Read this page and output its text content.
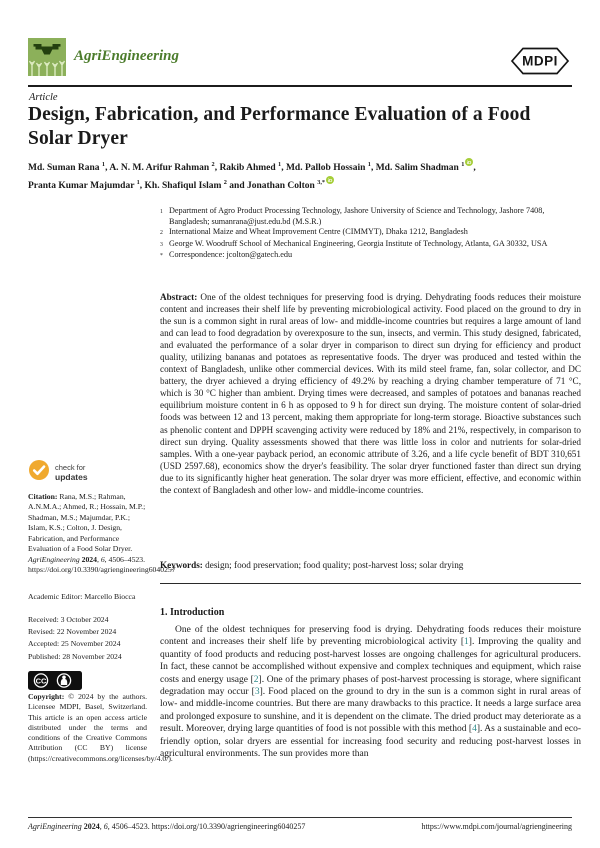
AgriEngineering	MDPI
Article
Design, Fabrication, and Performance Evaluation of a Food Solar Dryer
Md. Suman Rana $^1$, A. N. M. Arifur Rahman $^2$, Rakib Ahmed $^1$, Md. Pallob Hossain $^1$, Md. Salim Shadman $^1$ iD
,
Pranta Kumar Majumdar $^1$, Kh. Shafiqul Islam $^2$ and Jonathan Colton $^{3,*}$ iD
1 Department of Agro Product Processing Technology, Jashore University of Science and Technology, Jashore 7408, Bangladesh; sumanrana@just.edu.bd (M.S.R.)
2 International Maize and Wheat Improvement Centre (CIMMYT), Dhaka 1212, Bangladesh
3 George W. Woodruff School of Mechanical Engineering, Georgia Institute of Technology, Atlanta, GA 30332, USA
* Correspondence: jcolton@gatech.edu

Abstract: One of the oldest techniques for preserving food is drying. Dehydrating foods reduces their moisture content and increases their shelf life by preventing microbiological activity. Food placed on the ground to dry in the sun is a common sight in rural areas of low- and middle-income countries but requires a large amount of land and can lead to food degradation by overexposure to the sun, insects, and vermin. This study designed, fabricated, and evaluated the performance of a solar dryer in comparison to direct sun drying for efficiency and product quality, utilizing bananas and potatoes as representative foods. The dryer was produced and tested within the context of Bangladesh, unlike other commercial devices. With its mild steel frame, fan, solar collector, and DC battery, the dryer achieved a drying efficiency of 49.2% by reaching a drying chamber temperature of 71 °C, which is 30 °C higher than ambient. Drying times were decreased, and samples of potatoes and bananas reached equilibrium moisture content in 6 h as opposed to 9 h for direct sun drying. The moisture content of solar-dried foods was between 12 and 13 percent, making them appropriate for long-term storage. Bioactive substances such as phenolic content and DPPH scavenging activity were reduced by 18% and 21%, respectively, in comparison to direct sun drying. Quality assessments showed that there was little loss in color and nutrients for solar-dried samples. With a one-year payback period, an economic attribute of 3.26, and a life cycle benefit of BDT 310,651 (USD 2597.68), economics show the dryer's feasibility. The solar dryer functioned faster than direct sun drying due to its significantly higher heat generation. The solar dryer was more efficient, effective, and economic within the context of Bangladesh and other low- and middle-income countries.

Keywords: design; food preservation; food quality; post-harvest loss; solar drying

check for
updates
Citation: Rana, M.S.; Rahman, A.N.M.A.; Ahmed, R.; Hossain, M.P.; Shadman, M.S.; Majumdar, P.K.; Islam, K.S.; Colton, J. Design, Fabrication, and Performance Evaluation of a Food Solar Dryer. AgriEngineering 2024, 6, 4506–4523. https://doi.org/10.3390/agriengineering6040257
Academic Editor: Marcello Biocca
Received: 3 October 2024
Revised: 22 November 2024
Accepted: 25 November 2024
Published: 28 November 2024
CC
Copyright: © 2024 by the authors. Licensee MDPI, Basel, Switzerland. This article is an open access article distributed under the terms and conditions of the Creative Commons Attribution (CC BY) license (https://creativecommons.org/licenses/by/4.0/).
1. Introduction

One of the oldest techniques for preserving food is drying. Dehydrating foods reduces their moisture content and increases their shelf life by preventing microbiological activity [1]. Improving the quality and quantity of food products and reducing post-harvest losses are ongoing challenges for agricultural producers. In fact, these cannot be accomplished without expensive and complex techniques and equipment, which raise costs and energy usage [2]. One of the primary phases of post-harvest processing is storage, where significant degradation may occur [3]. Food placed on the ground to dry in the sun is a common sight in rural areas of low- and middle-income countries. But there are many drawbacks to this practice. It needs a large surface area and prolonged exposure to sunshine, and it is dependent on the climate. The dried product may deteriorate as a result. Moreover, drying large quantities of food is not possible with this method [4]. As a sustainable and eco-friendly option, solar dryers are essential for increasing food security and reducing post-harvest losses in agricultural environments. The sun provides more than

AgriEngineering 2024, 6, 4506–4523. https://doi.org/10.3390/agriengineering6040257	https://www.mdpi.com/journal/agriengineering
